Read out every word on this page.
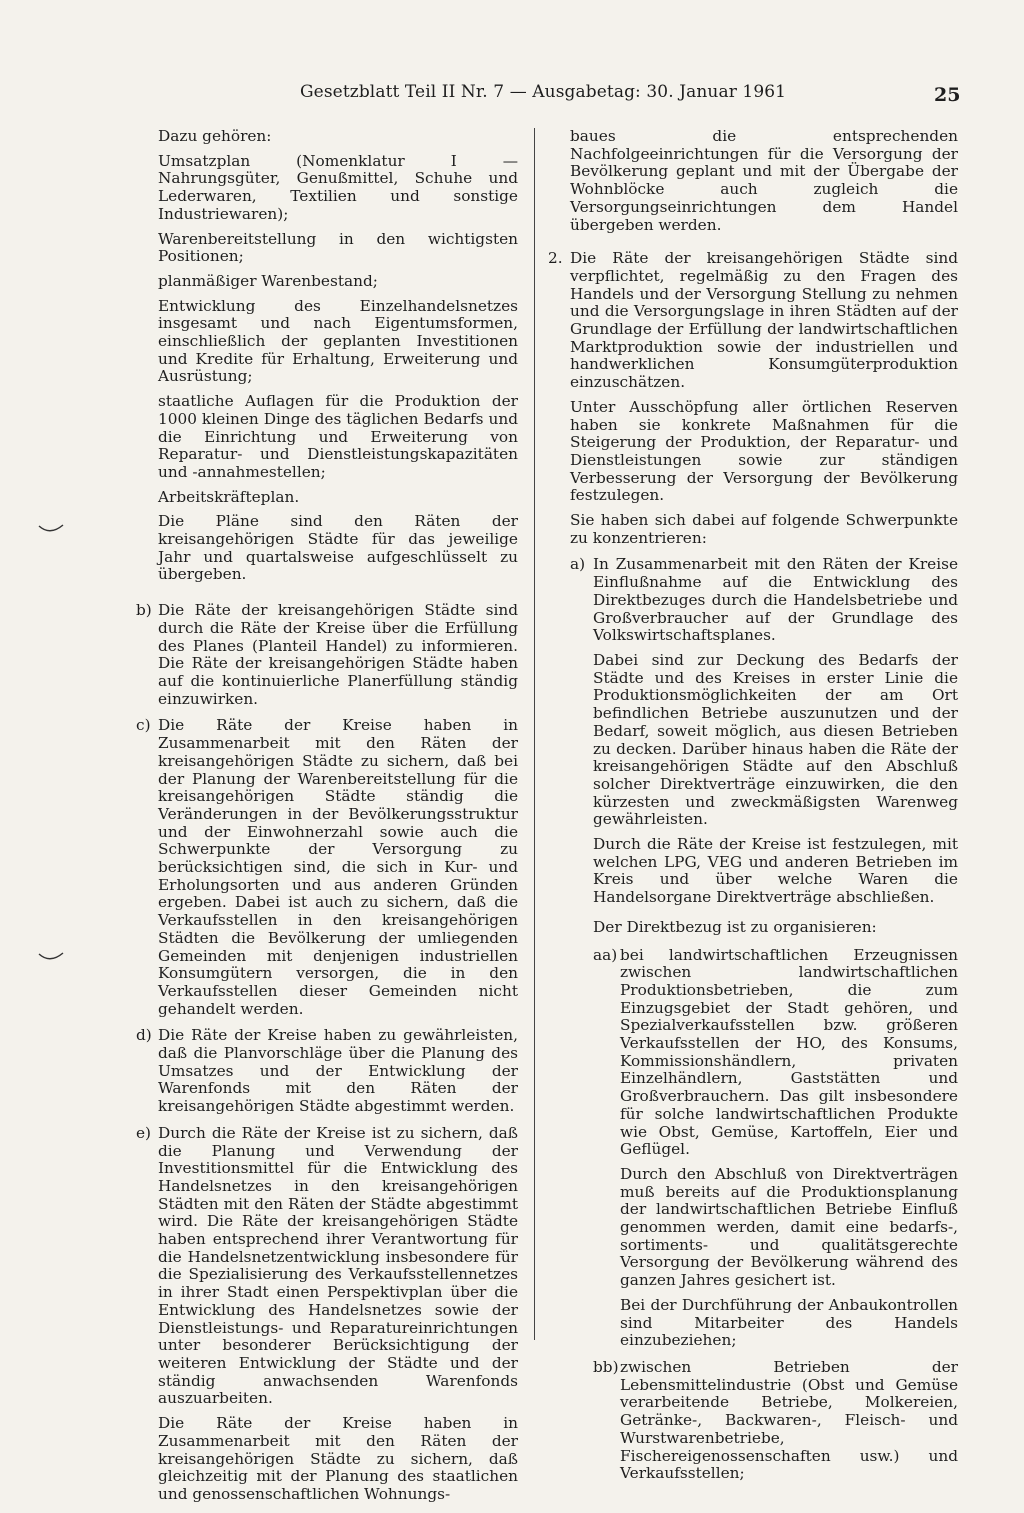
Gesetzblatt Teil II Nr. 7 — Ausgabetag: 30. Januar 1961	25

Dazu gehören:

Umsatzplan (Nomenklatur I — Nahrungsgüter, Genußmittel, Schuhe und Lederwaren, Textilien und sonstige Industriewaren);

Warenbereitstellung in den wichtigsten Positionen;

planmäßiger Warenbestand;

Entwicklung des Einzelhandelsnetzes insgesamt und nach Eigentumsformen, einschließlich der geplanten Investitionen und Kredite für Erhaltung, Erweiterung und Ausrüstung;

staatliche Auflagen für die Produktion der 1000 kleinen Dinge des täglichen Bedarfs und die Einrichtung und Erweiterung von Reparatur- und Dienstleistungskapazitäten und -annahmestellen;

Arbeitskräfteplan.

Die Pläne sind den Räten der kreisangehörigen Städte für das jeweilige Jahr und quartalsweise aufgeschlüsselt zu übergeben.

b) Die Räte der kreisangehörigen Städte sind durch die Räte der Kreise über die Erfüllung des Planes (Planteil Handel) zu informieren. Die Räte der kreisangehörigen Städte haben auf die kontinuierliche Planerfüllung ständig einzuwirken.

c) Die Räte der Kreise haben in Zusammenarbeit mit den Räten der kreisangehörigen Städte zu sichern, daß bei der Planung der Warenbereitstellung für die kreisangehörigen Städte ständig die Veränderungen in der Bevölkerungsstruktur und der Einwohnerzahl sowie auch die Schwerpunkte der Versorgung zu berücksichtigen sind, die sich in Kur- und Erholungsorten und aus anderen Gründen ergeben. Dabei ist auch zu sichern, daß die Verkaufsstellen in den kreisangehörigen Städten die Bevölkerung der umliegenden Gemeinden mit denjenigen industriellen Konsumgütern versorgen, die in den Verkaufsstellen dieser Gemeinden nicht gehandelt werden.

d) Die Räte der Kreise haben zu gewährleisten, daß die Planvorschläge über die Planung des Umsatzes und der Entwicklung der Warenfonds mit den Räten der kreisangehörigen Städte abgestimmt werden.

e) Durch die Räte der Kreise ist zu sichern, daß die Planung und Verwendung der Investitionsmittel für die Entwicklung des Handelsnetzes in den kreisangehörigen Städten mit den Räten der Städte abgestimmt wird. Die Räte der kreisangehörigen Städte haben entsprechend ihrer Verantwortung für die Handelsnetzentwicklung insbesondere für die Spezialisierung des Verkaufsstellennetzes in ihrer Stadt einen Perspektivplan über die Entwicklung des Handelsnetzes sowie der Dienstleistungs- und Reparatureinrichtungen unter besonderer Berücksichtigung der weiteren Entwicklung der Städte und der ständig anwachsenden Warenfonds auszuarbeiten.

Die Räte der Kreise haben in Zusammenarbeit mit den Räten der kreisangehörigen Städte zu sichern, daß gleichzeitig mit der Planung des staatlichen und genossenschaftlichen Wohnungs-

baues die entsprechenden Nachfolgeeinrichtungen für die Versorgung der Bevölkerung geplant und mit der Übergabe der Wohnblöcke auch zugleich die Versorgungseinrichtungen dem Handel übergeben werden.

2. Die Räte der kreisangehörigen Städte sind verpflichtet, regelmäßig zu den Fragen des Handels und der Versorgung Stellung zu nehmen und die Versorgungslage in ihren Städten auf der Grundlage der Erfüllung der landwirtschaftlichen Marktproduktion sowie der industriellen und handwerklichen Konsumgüterproduktion einzuschätzen.

Unter Ausschöpfung aller örtlichen Reserven haben sie konkrete Maßnahmen für die Steigerung der Produktion, der Reparatur- und Dienstleistungen sowie zur ständigen Verbesserung der Versorgung der Bevölkerung festzulegen.

Sie haben sich dabei auf folgende Schwerpunkte zu konzentrieren:

a) In Zusammenarbeit mit den Räten der Kreise Einflußnahme auf die Entwicklung des Direktbezuges durch die Handelsbetriebe und Großverbraucher auf der Grundlage des Volkswirtschaftsplanes.

Dabei sind zur Deckung des Bedarfs der Städte und des Kreises in erster Linie die Produktionsmöglichkeiten der am Ort befindlichen Betriebe auszunutzen und der Bedarf, soweit möglich, aus diesen Betrieben zu decken. Darüber hinaus haben die Räte der kreisangehörigen Städte auf den Abschluß solcher Direktverträge einzuwirken, die den kürzesten und zweckmäßigsten Warenweg gewährleisten.

Durch die Räte der Kreise ist festzulegen, mit welchen LPG, VEG und anderen Betrieben im Kreis und über welche Waren die Handelsorgane Direktverträge abschließen.

Der Direktbezug ist zu organisieren:

aa) bei landwirtschaftlichen Erzeugnissen zwischen landwirtschaftlichen Produktionsbetrieben, die zum Einzugsgebiet der Stadt gehören, und Spezialverkaufsstellen bzw. größeren Verkaufsstellen der HO, des Konsums, Kommissionshändlern, privaten Einzelhändlern, Gaststätten und Großverbrauchern. Das gilt insbesondere für solche landwirtschaftlichen Produkte wie Obst, Gemüse, Kartoffeln, Eier und Geflügel.

Durch den Abschluß von Direktverträgen muß bereits auf die Produktionsplanung der landwirtschaftlichen Betriebe Einfluß genommen werden, damit eine bedarfs-, sortiments- und qualitätsgerechte Versorgung der Bevölkerung während des ganzen Jahres gesichert ist.

Bei der Durchführung der Anbaukontrollen sind Mitarbeiter des Handels einzubeziehen;

bb) zwischen Betrieben der Lebensmittelindustrie (Obst und Gemüse verarbeitende Betriebe, Molkereien, Getränke-, Backwaren-, Fleisch- und Wurstwarenbetriebe, Fischereigenossenschaften usw.) und Verkaufsstellen;
